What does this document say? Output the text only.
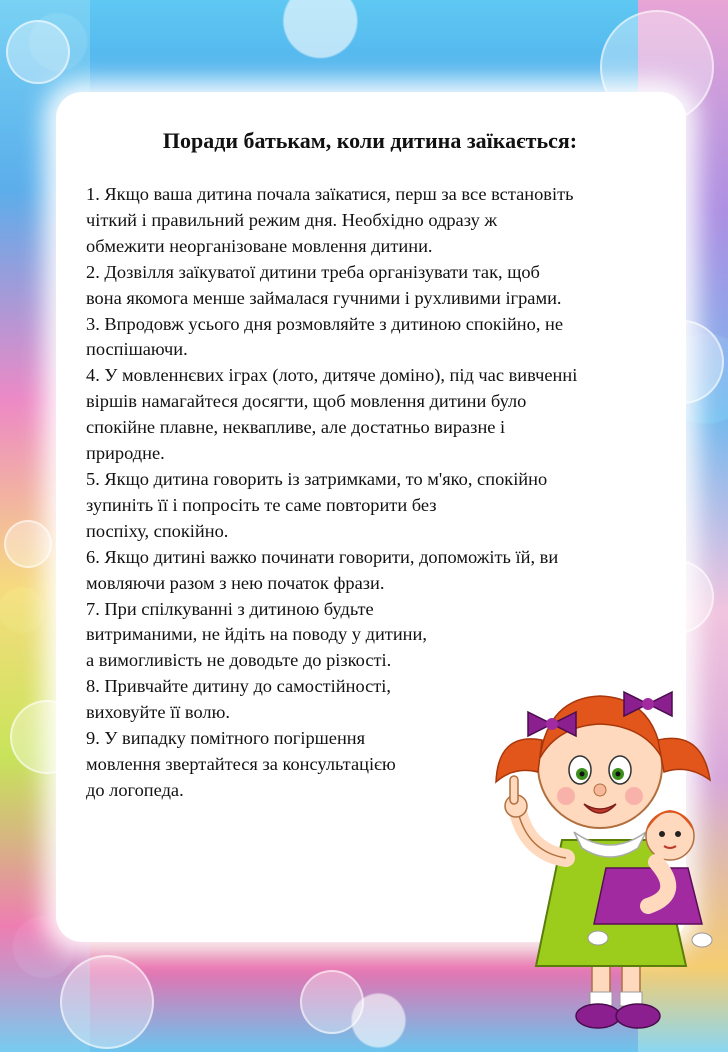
Поради батькам, коли дитина заїкається:

1. Якщо ваша дитина почала заїкатися, перш за все встановіть

чіткий і правильний режим дня. Необхідно одразу ж

обмежити неорганізоване мовлення дитини.

2. Дозвілля заїкуватої дитини треба організувати так, щоб

вона якомога менше займалася гучними і рухливими іграми.

3. Впродовж усього дня розмовляйте з дитиною спокійно, не

поспішаючи.

4. У мовленнєвих іграх (лото, дитяче доміно), під час вивченні

віршів намагайтеся досягти, щоб мовлення дитини було

спокійне плавне, неквапливе, але достатньо виразне і

природне.

5. Якщо дитина говорить із затримками, то м'яко, спокійно

зупиніть її і попросіть те саме повторити без

поспіху, спокійно.

6. Якщо дитині важко починати говорити, допоможіть їй, ви

мовляючи разом з нею початок фрази.

7. При спілкуванні з дитиною будьте

витриманими, не йдіть на поводу у дитини,

а вимогливість не доводьте до різкості.

8. Привчайте дитину до самостійності,

виховуйте її волю.

9. У випадку помітного погіршення

мовлення звертайтеся за консультацією

до логопеда.
